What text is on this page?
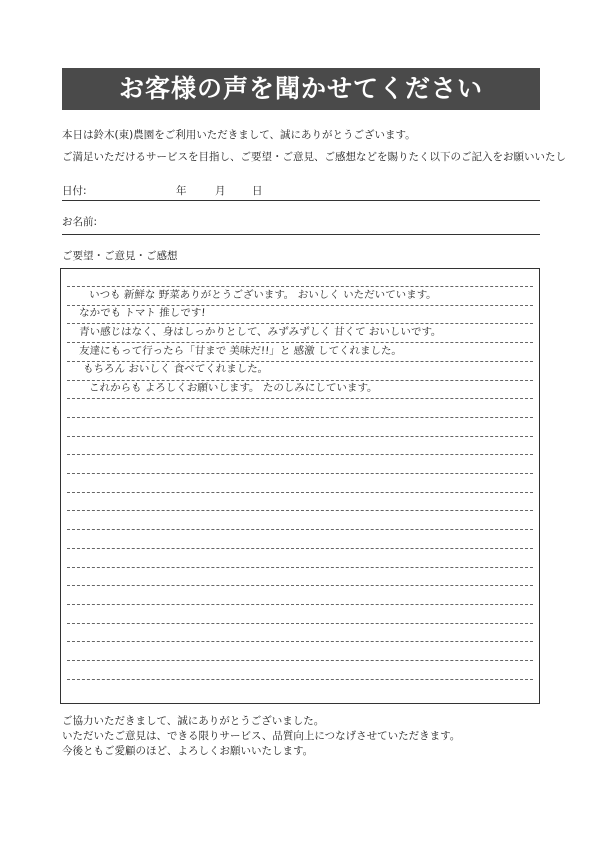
お客様の声を聞かせてください
本日は鈴木(東)農園をご利用いただきまして、誠にありがとうございます。
ご満足いただけるサービスを目指し、ご要望・ご意見、ご感想などを賜りたく以下のご記入をお願いいたし
日付:	年	月	日
お名前:
ご要望・ご意見・ご感想
いつも 新鮮な 野菜ありがとうございます。 おいしく いただいています。
なかでも トマト 推しです!
青い感じはなく、身はしっかりとして、みずみずしく 甘くて おいしいです。
友達にもって行ったら「甘まで 美味だ!!」と 感激 してくれました。
もちろん おいしく 食べてくれました。
これからも よろしくお願いします。 たのしみにしています。
ご協力いただきまして、誠にありがとうございました。
いただいたご意見は、できる限りサービス、品質向上につなげさせていただきます。
今後ともご愛顧のほど、よろしくお願いいたします。
